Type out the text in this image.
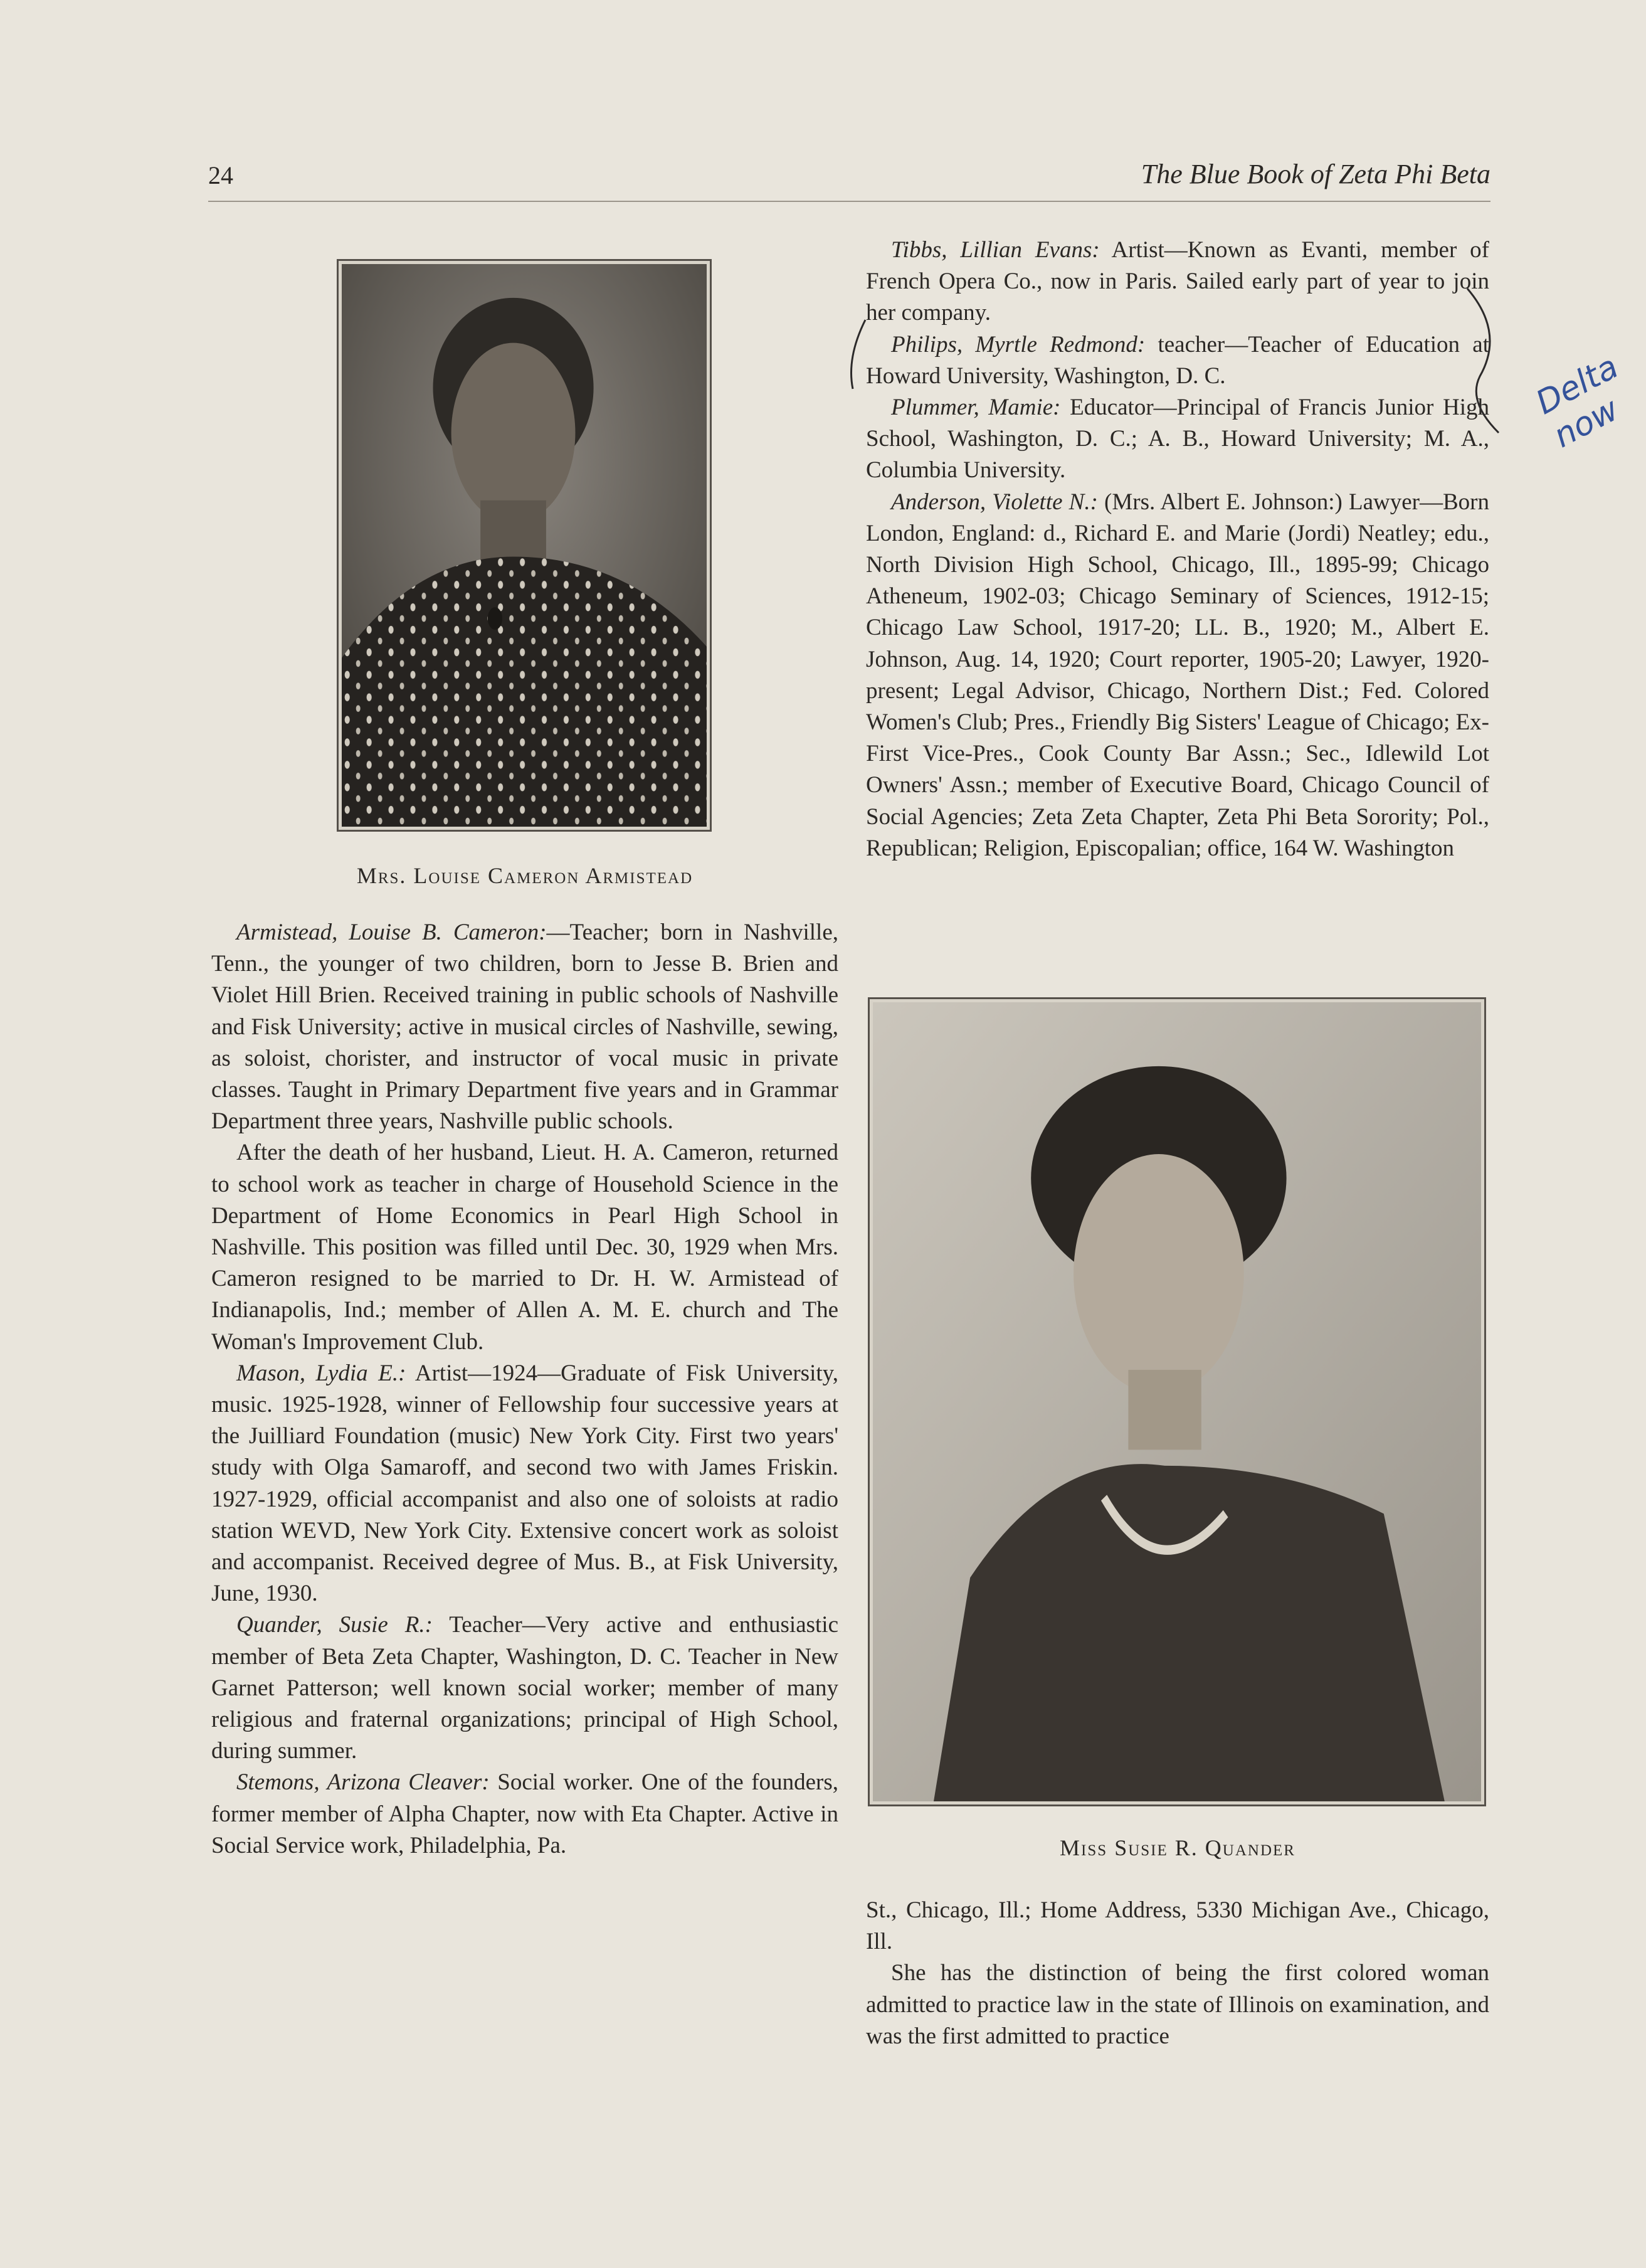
24	The Blue Book of Zeta Phi Beta
Mrs. Louise Cameron Armistead

Armistead, Louise B. Cameron:—Teacher; born in Nashville, Tenn., the younger of two children, born to Jesse B. Brien and Violet Hill Brien. Received training in public schools of Nashville and Fisk University; active in musical circles of Nashville, sewing, as soloist, chorister, and instructor of vocal music in private classes. Taught in Primary Department five years and in Grammar Department three years, Nashville public schools.

After the death of her husband, Lieut. H. A. Cameron, returned to school work as teacher in charge of Household Science in the Department of Home Economics in Pearl High School in Nashville. This position was filled until Dec. 30, 1929 when Mrs. Cameron resigned to be married to Dr. H. W. Armistead of Indianapolis, Ind.; member of Allen A. M. E. church and The Woman's Improvement Club.

Mason, Lydia E.: Artist—1924—Graduate of Fisk University, music. 1925-1928, winner of Fellowship four successive years at the Juilliard Foundation (music) New York City. First two years' study with Olga Samaroff, and second two with James Friskin. 1927-1929, official accompanist and also one of soloists at radio station WEVD, New York City. Extensive concert work as soloist and accompanist. Received degree of Mus. B., at Fisk University, June, 1930.

Quander, Susie R.: Teacher—Very active and enthusiastic member of Beta Zeta Chapter, Washington, D. C. Teacher in New Garnet Patterson; well known social worker; member of many religious and fraternal organizations; principal of High School, during summer.

Stemons, Arizona Cleaver: Social worker. One of the founders, former member of Alpha Chapter, now with Eta Chapter. Active in Social Service work, Philadelphia, Pa.

Tibbs, Lillian Evans: Artist—Known as Evanti, member of French Opera Co., now in Paris. Sailed early part of year to join her company.

Philips, Myrtle Redmond: teacher—Teacher of Education at Howard University, Washington, D. C.

Plummer, Mamie: Educator—Principal of Francis Junior High School, Washington, D. C.; A. B., Howard University; M. A., Columbia University.

Anderson, Violette N.: (Mrs. Albert E. Johnson:) Lawyer—Born London, England: d., Richard E. and Marie (Jordi) Neatley; edu., North Division High School, Chicago, Ill., 1895-99; Chicago Atheneum, 1902-03; Chicago Seminary of Sciences, 1912-15; Chicago Law School, 1917-20; LL. B., 1920; M., Albert E. Johnson, Aug. 14, 1920; Court reporter, 1905-20; Lawyer, 1920-present; Legal Advisor, Chicago, Northern Dist.; Fed. Colored Women's Club; Pres., Friendly Big Sisters' League of Chicago; Ex-First Vice-Pres., Cook County Bar Assn.; Sec., Idlewild Lot Owners' Assn.; member of Executive Board, Chicago Council of Social Agencies; Zeta Zeta Chapter, Zeta Phi Beta Sorority; Pol., Republican; Religion, Episcopalian; office, 164 W. Washington

Miss Susie R. Quander

St., Chicago, Ill.; Home Address, 5330 Michigan Ave., Chicago, Ill.

She has the distinction of being the first colored woman admitted to practice law in the state of Illinois on examination, and was the first admitted to practice

Delta now
